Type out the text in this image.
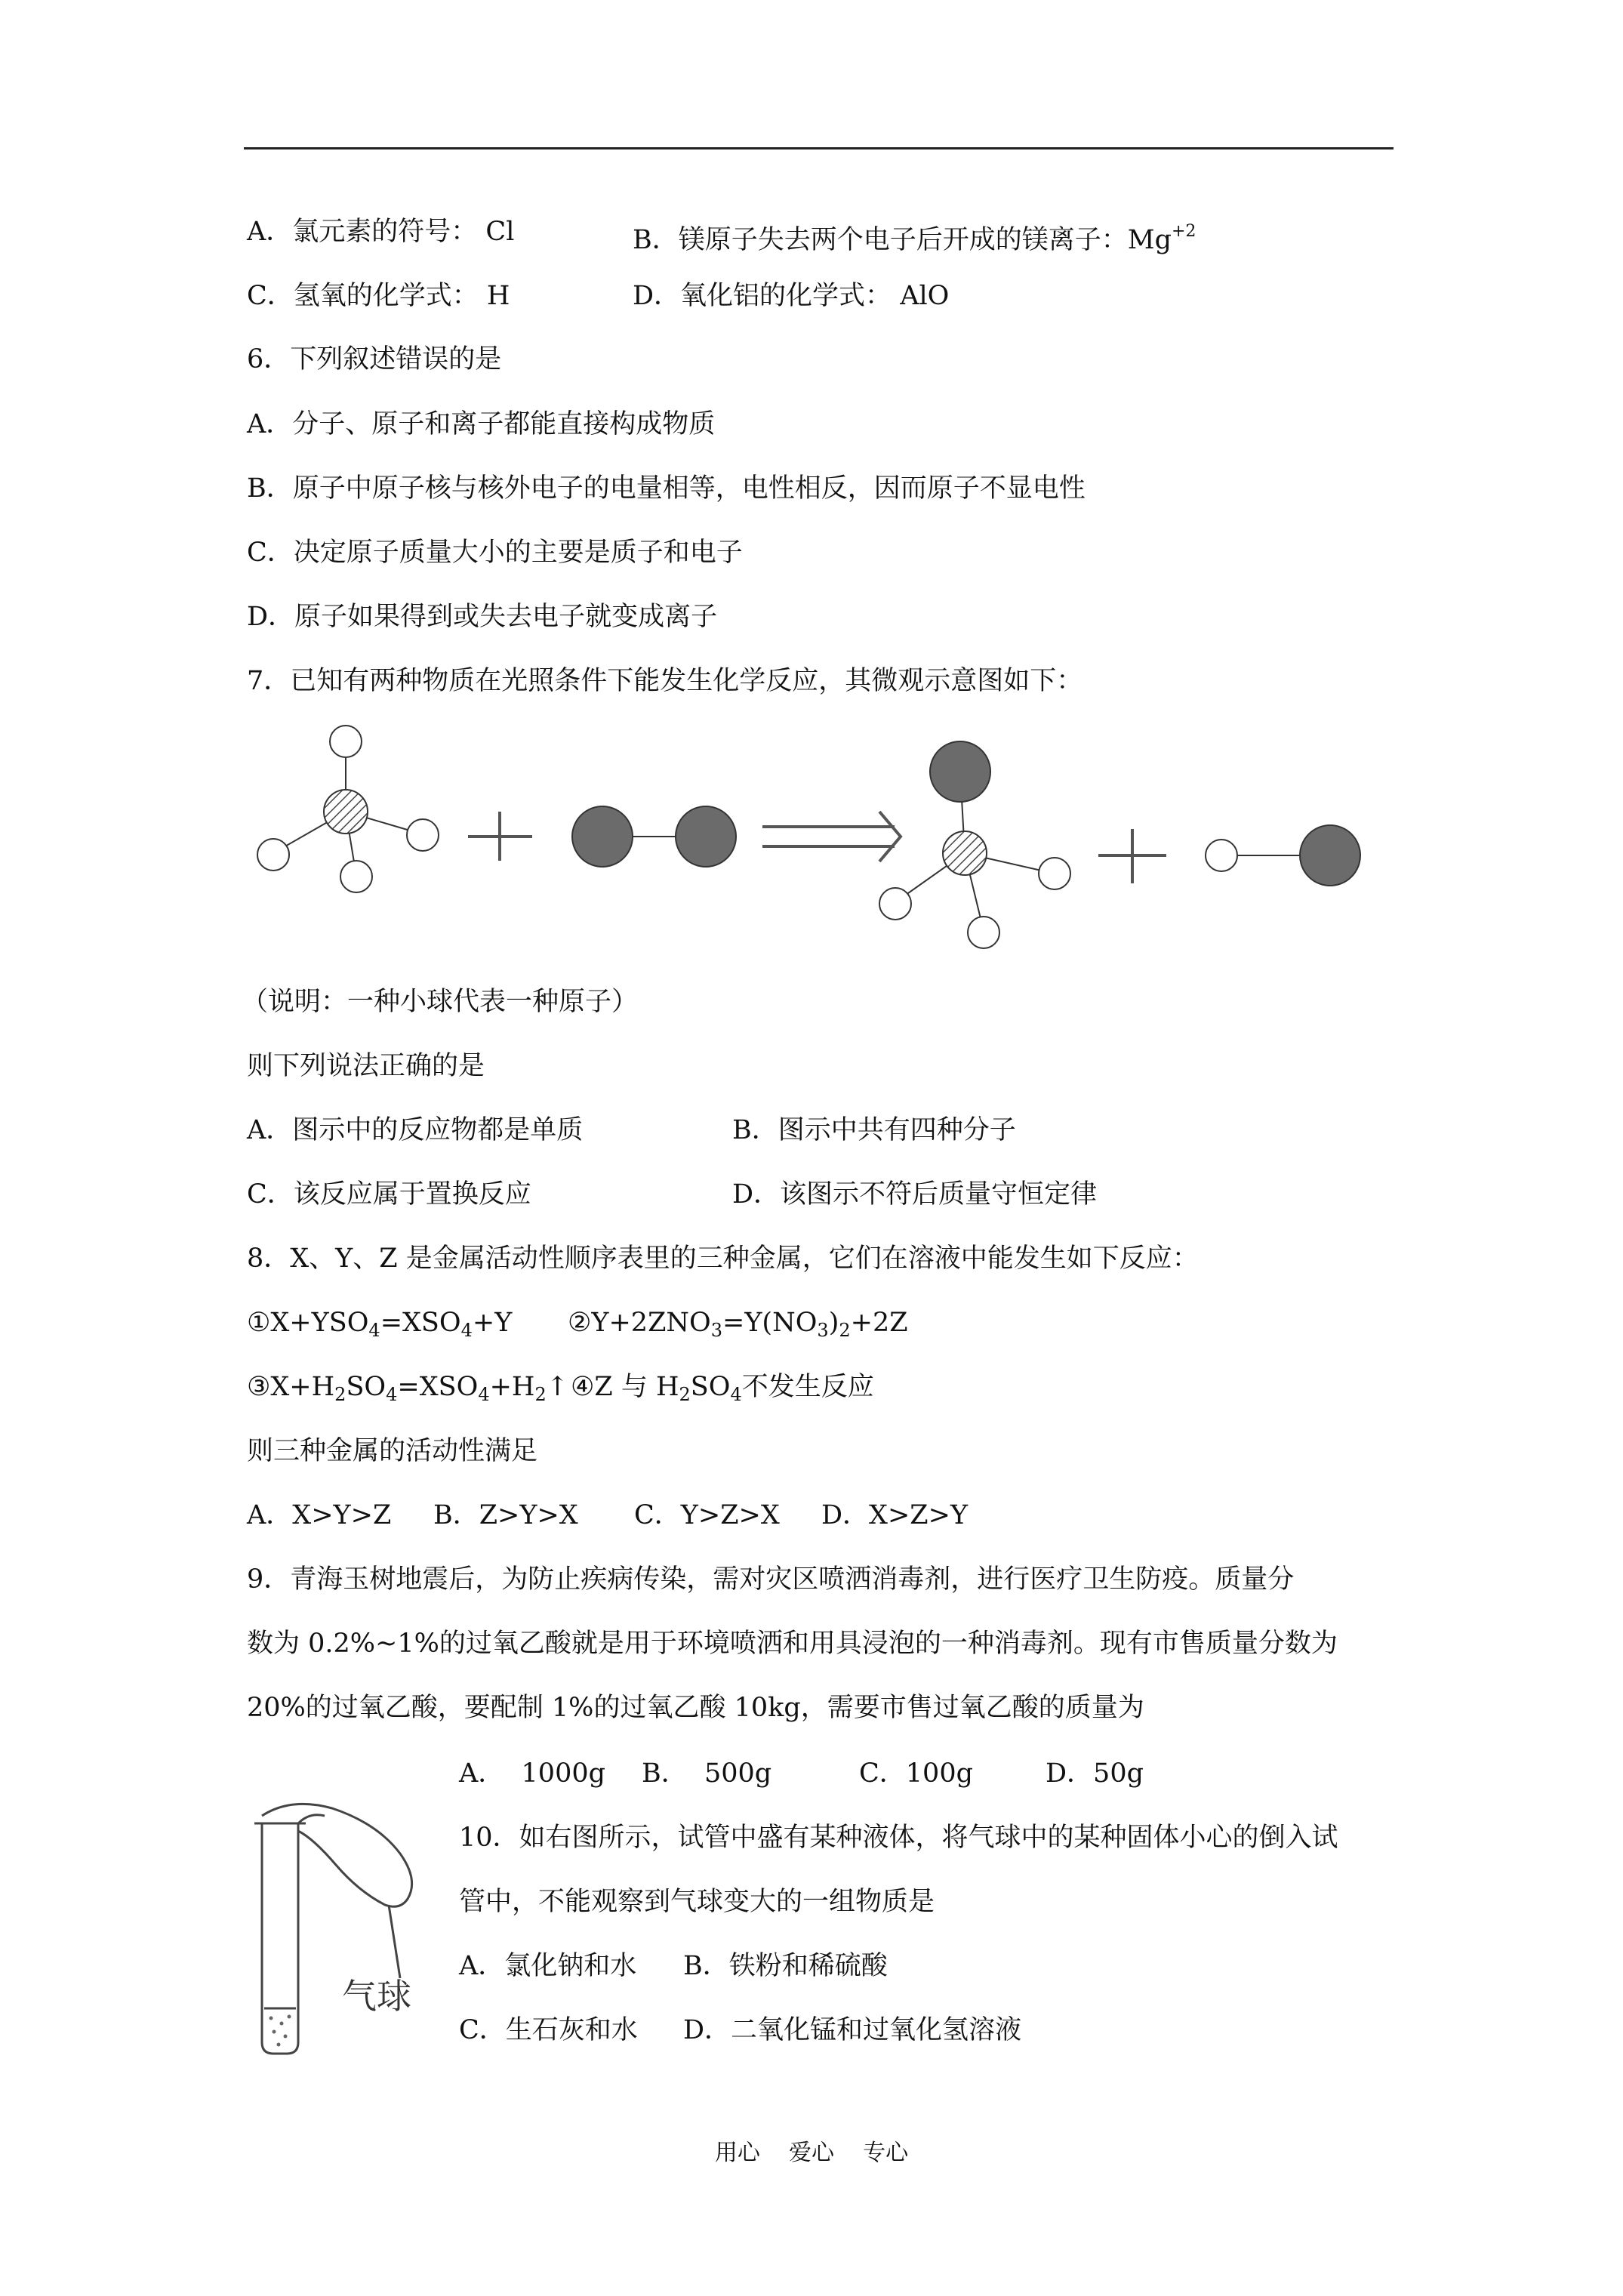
A．氯元素的符号： Cl	B．镁原子失去两个电子后开成的镁离子：$Mg^{+2}$
C．氢氧的化学式： H	D．氧化铝的化学式： AlO
6．下列叙述错误的是
A．分子、原子和离子都能直接构成物质
B．原子中原子核与核外电子的电量相等，电性相反，因而原子不显电性
C．决定原子质量大小的主要是质子和电子
D．原子如果得到或失去电子就变成离子
7．已知有两种物质在光照条件下能发生化学反应，其微观示意图如下：
（说明：一种小球代表一种原子）
则下列说法正确的是
A．图示中的反应物都是单质	B．图示中共有四种分子
C．该反应属于置换反应	D．该图示不符后质量守恒定律
8．X、Y、Z 是金属活动性顺序表里的三种金属，它们在溶液中能发生如下反应：
$①X+YSO_4=XSO_4+Y$ $②Y+2ZNO_3=Y(NO_3)_2+2Z$
$③X+H_2SO_4=XSO_4+H_2↑$ ④Z 与 $H_2SO_4$不发生反应
则三种金属的活动性满足
A．X>Y>Z B．Z>Y>X C．Y>Z>X D．X>Z>Y
9．青海玉树地震后，为防止疾病传染，需对灾区喷洒消毒剂，进行医疗卫生防疫。质量分
数为 0.2%~1%的过氧乙酸就是用于环境喷洒和用具浸泡的一种消毒剂。现有市售质量分数为
20%的过氧乙酸，要配制 1%的过氧乙酸 10kg，需要市售过氧乙酸的质量为
A．  1000g B．  500g	C．100g	D．50g
气球
10．如右图所示，试管中盛有某种液体，将气球中的某种固体小心的倒入试
管中，不能观察到气球变大的一组物质是
A．氯化钠和水 B．铁粉和稀硫酸
C．生石灰和水 D．二氧化锰和过氧化氢溶液
用心    爱心    专心
